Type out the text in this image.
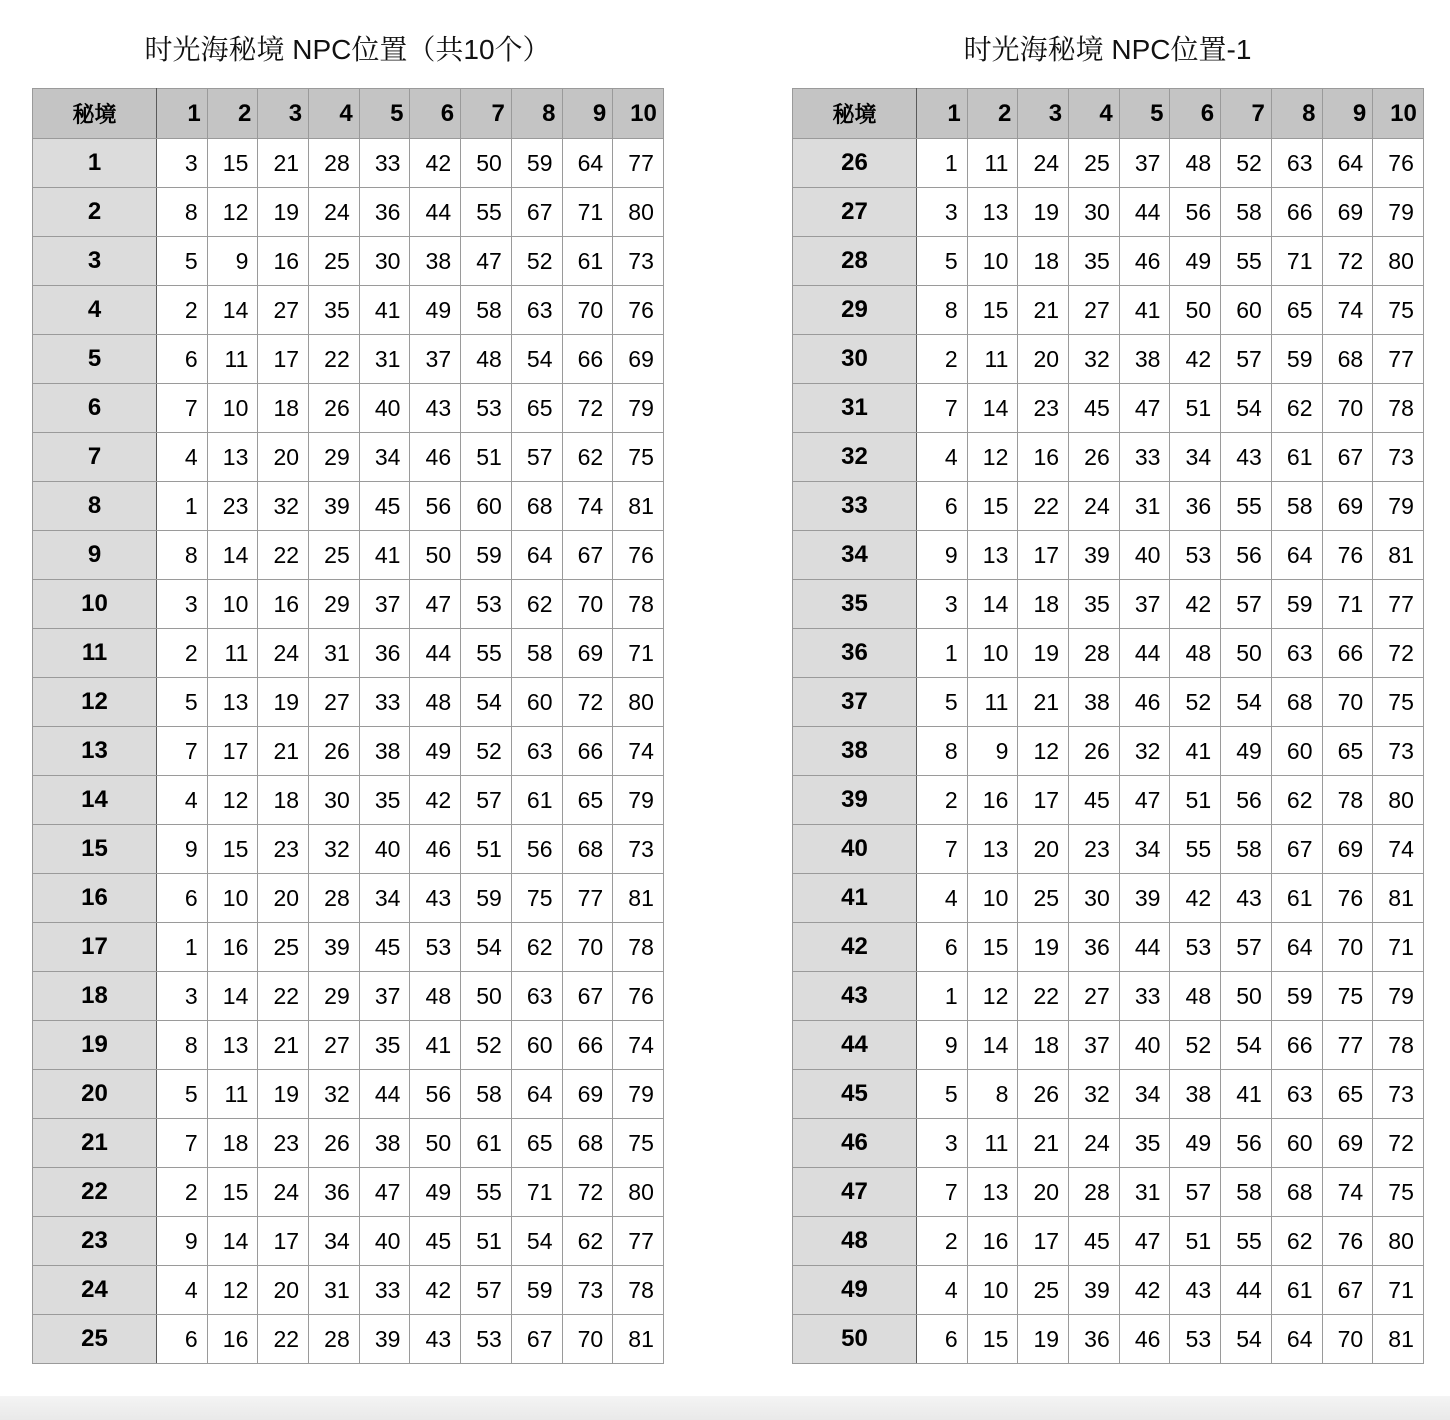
时光海秘境 NPC位置（共10个）
秘境	1	2	3	4	5	6	7	8	9	10
1	3	15	21	28	33	42	50	59	64	77
2	8	12	19	24	36	44	55	67	71	80
3	5	9	16	25	30	38	47	52	61	73
4	2	14	27	35	41	49	58	63	70	76
5	6	11	17	22	31	37	48	54	66	69
6	7	10	18	26	40	43	53	65	72	79
7	4	13	20	29	34	46	51	57	62	75
8	1	23	32	39	45	56	60	68	74	81
9	8	14	22	25	41	50	59	64	67	76
10	3	10	16	29	37	47	53	62	70	78
11	2	11	24	31	36	44	55	58	69	71
12	5	13	19	27	33	48	54	60	72	80
13	7	17	21	26	38	49	52	63	66	74
14	4	12	18	30	35	42	57	61	65	79
15	9	15	23	32	40	46	51	56	68	73
16	6	10	20	28	34	43	59	75	77	81
17	1	16	25	39	45	53	54	62	70	78
18	3	14	22	29	37	48	50	63	67	76
19	8	13	21	27	35	41	52	60	66	74
20	5	11	19	32	44	56	58	64	69	79
21	7	18	23	26	38	50	61	65	68	75
22	2	15	24	36	47	49	55	71	72	80
23	9	14	17	34	40	45	51	54	62	77
24	4	12	20	31	33	42	57	59	73	78
25	6	16	22	28	39	43	53	67	70	81
时光海秘境 NPC位置-1
秘境	1	2	3	4	5	6	7	8	9	10
26	1	11	24	25	37	48	52	63	64	76
27	3	13	19	30	44	56	58	66	69	79
28	5	10	18	35	46	49	55	71	72	80
29	8	15	21	27	41	50	60	65	74	75
30	2	11	20	32	38	42	57	59	68	77
31	7	14	23	45	47	51	54	62	70	78
32	4	12	16	26	33	34	43	61	67	73
33	6	15	22	24	31	36	55	58	69	79
34	9	13	17	39	40	53	56	64	76	81
35	3	14	18	35	37	42	57	59	71	77
36	1	10	19	28	44	48	50	63	66	72
37	5	11	21	38	46	52	54	68	70	75
38	8	9	12	26	32	41	49	60	65	73
39	2	16	17	45	47	51	56	62	78	80
40	7	13	20	23	34	55	58	67	69	74
41	4	10	25	30	39	42	43	61	76	81
42	6	15	19	36	44	53	57	64	70	71
43	1	12	22	27	33	48	50	59	75	79
44	9	14	18	37	40	52	54	66	77	78
45	5	8	26	32	34	38	41	63	65	73
46	3	11	21	24	35	49	56	60	69	72
47	7	13	20	28	31	57	58	68	74	75
48	2	16	17	45	47	51	55	62	76	80
49	4	10	25	39	42	43	44	61	67	71
50	6	15	19	36	46	53	54	64	70	81
